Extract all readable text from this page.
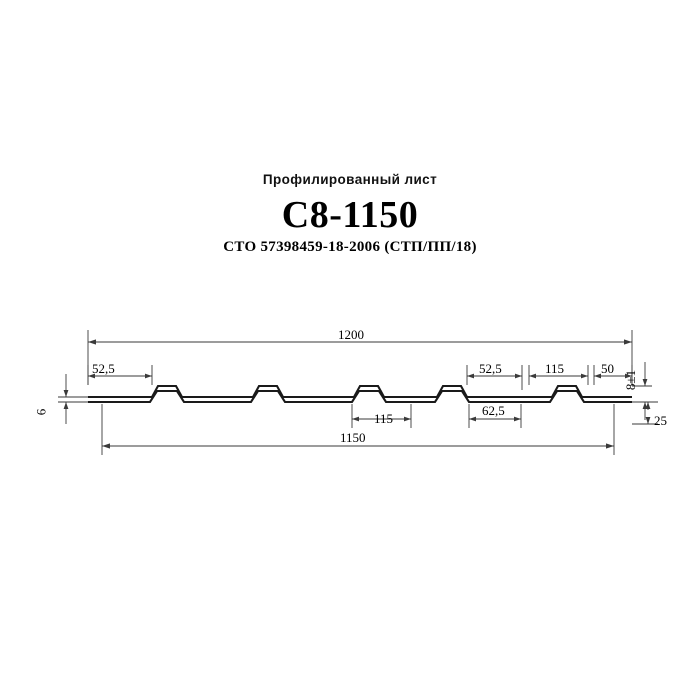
Профилированный лист

С8-1150

СТО 57398459-18-2006 (СТП/ПП/18)

1200
52,5	52,5	115	50
8±1
6	115
62,5
25
1150
